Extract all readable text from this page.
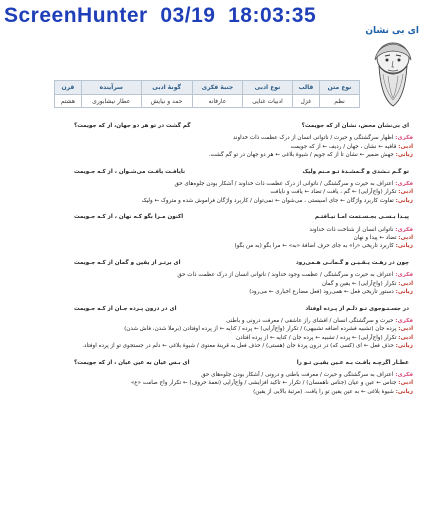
ScreenHunter  03/19  18:03:35
ای بی نشان
نوع متن	قالب	نوع ادبی	جنبهٔ فکری	گونهٔ ادبی	سرآینده	قرن
نظم	غزل	ادبیات غنایی	عارفانه	حمد و نیایش	عطار نیشابوری	هشتم
ای بی‌نشان محض، نشان از که جویمت؟
گم گشت در تو هر دو جهان، از که جویمت؟
فکری: اظهار سرگشتگی و حیرت / ناتوانی انسان از درک عظمت ذات خداوند
ادبی: قافیه ← نشان ، جهان / ردیف ← از که جویمت
زبانی: جهش ضمیر ← نشان تا از که جویم / شیوهٔ بلاغی ← هر دو جهان در تو گم گشت.
تو گـم نـشدی و گـمشـدهٔ تـو مـنم ولیک
نایافـت یافـت می‌شـوان ، از کـه جـویمت
فکری: اعتراف به حیرت و سرگشتگی / ناتوانی از درک عظمت ذات خداوند / آشکار بودن جلوه‌های حق
ادبی: تکرار (واج‌آرایی) ← گم ، یافت / تضاد ← یافت و نایافت
زبانی: تفاوت کاربرد واژگان ← جای اسیستی ، می‌شوان ← نمی‌توان / کاربرد واژگان فراموش شده و متروک ← ولیک
پیـدا بـسـی بجـسـتمت امـا نیـافتـم
اکنون مـرا بگو کـه نهان ، از کـه جـویمت
فکری: ناتوانی انسان از شناخت ذات خداوند
ادبی: تضاد ← پیدا و نهان
زبانی: کاربرد تاریخی «را» به جای حرف اضافهٔ «به» ← مرا بگو (به من بگو)
چون در رهـت یـقـیـن و گـمانـی هـمی‌رود
ای برتـر از یقین و گمان از کـه جـویمت
فکری: اعتراف به حیرت و سرگشتگی / عظمت وجود خداوند / ناتوانی انسان از درک عظمت ذات حق
ادبی: تکرار (واج‌آرایی) ← یقین و گمان
زبانی: دستور تاریخی فعل ← همی‌رود (فعل مضارع اخباری ← می‌رود)
در جسـتـوجوی تـو دلـم از پـرده اوفتاد
ای در درون پـرده جـان از کـه جـویمت
فکری: حیرت و سرگشتگی انسان / افشای راز عاشقی / معرفت درونی و باطنی
ادبی: پرده جان (تشبیه فشرده اضافه تشبیهی) / تکرار (واج‌آرایی) ← پرده / کنایه ← از پرده اوفتادن (برملا شدن، فاش شدن)
ادبی: تکرار (واج‌آرایی) ← پرده / تشبیه ← پرده جان / کنایه ← از پرده افتادن
زبانی: حذف فعل ← ای (کسی که) در درون پردهٔ جان (هستی) / حذف فعل به قرینهٔ معنوی / شیوهٔ بلاغی ← دلم در جستجوی تو از پرده اوفتاد.
عطـار اگرچـه یافـت بـه عـین یقیـن تـو را
ای بـس عیان به عین عیان ، از که جویمت؟
فکری: اعتراف به سرگشتگی و حیرت / معرفت باطنی و درونی / آشکار بودن جلوه‌های حق
ادبی: جناس ← عین و عیان (جناس ناهمسان) / تکرار ← تاکید افزایشی / واج‌آرایی (نغمهٔ حروف) ← تکرار واج صامت «ع»
زبانی: شیوهٔ بلاغی ← به عین یقین تو را یافت. (مرتبهٔ بالایی از یقین)
